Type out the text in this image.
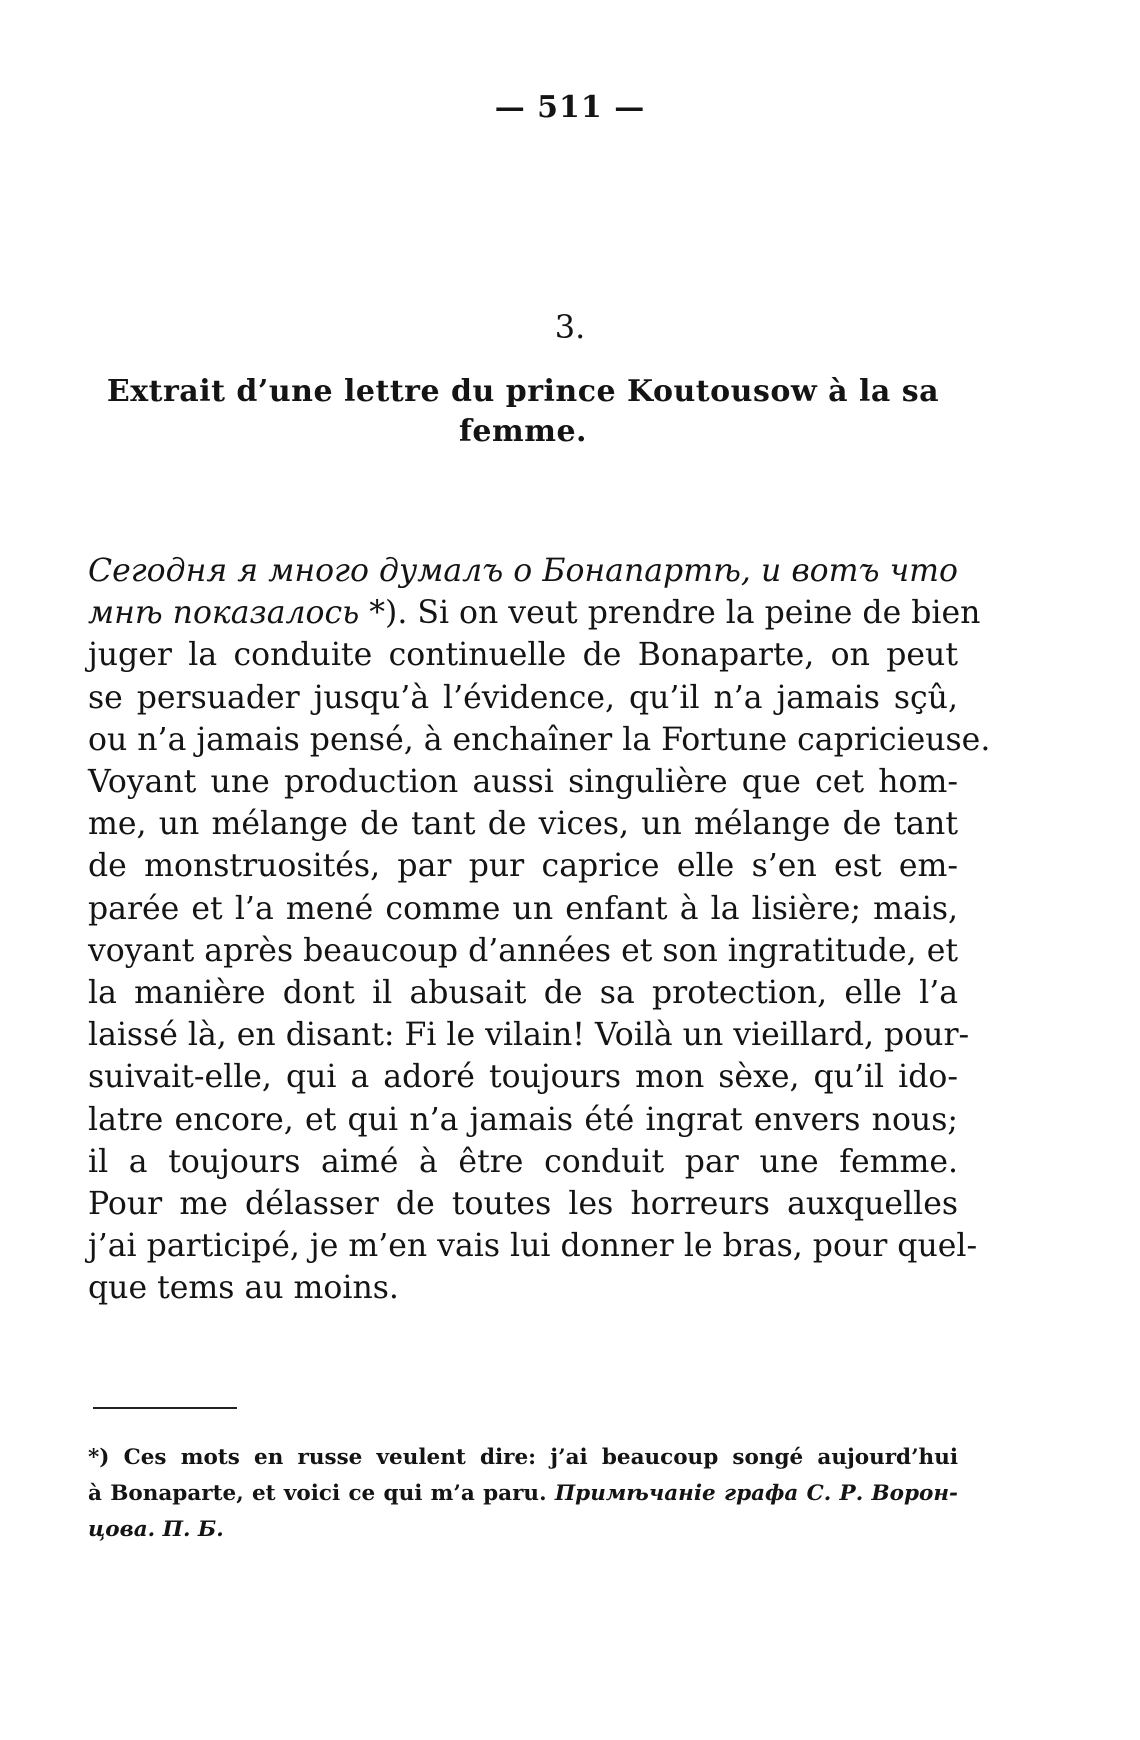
— 511 —
3.
Extrait d’une lettre du prince Koutousow à la sa
femme.
Сегодня я много думалъ о Бонапартѣ, и вотъ что
мнѣ показалось *). Si on veut prendre la peine de bien
juger la conduite continuelle de Bonaparte, on peut
se persuader jusqu’à l’évidence, qu’il n’a jamais sçû,
ou n’a jamais pensé, à enchaîner la Fortune capricieuse.
Voyant une production aussi singulière que cet hom-
me, un mélange de tant de vices, un mélange de tant
de monstruosités, par pur caprice elle s’en est em-
parée et l’a mené comme un enfant à la lisière; mais,
voyant après beaucoup d’années et son ingratitude, et
la manière dont il abusait de sa protection, elle l’a
laissé là, en disant: Fi le vilain! Voilà un vieillard, pour-
suivait-elle, qui a adoré toujours mon sèxe, qu’il ido-
latre encore, et qui n’a jamais été ingrat envers nous;
il a toujours aimé à être conduit par une femme.
Pour me délasser de toutes les horreurs auxquelles
j’ai participé, je m’en vais lui donner le bras, pour quel-
que tems au moins.
*) Ces mots en russe veulent dire: j’ai beaucoup songé aujourd’hui
à Bonaparte, et voici ce qui m’a paru. Примѣчаніе графа С. Р. Ворон-
цова. П. Б.
